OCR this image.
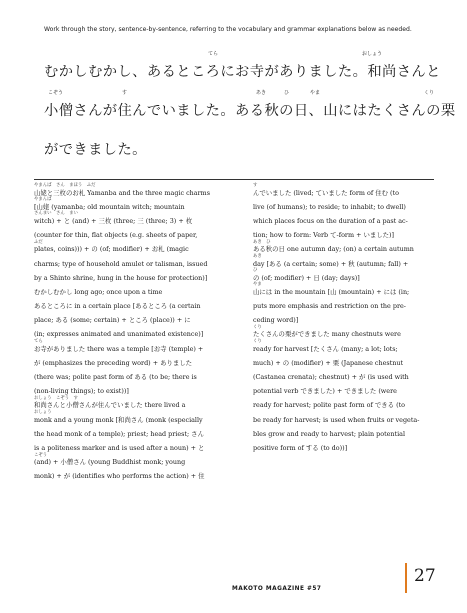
Work through the story, sentence-by-sentence, referring to the vocabulary and grammar explanations below as needed.
てら	おしょう
むかしむかし、あるところにお寺がありました。和尚さんと
こぞう	す	あき	ひ	やま	くり
小僧さんが住んでいました。ある秋の日、山にはたくさんの栗
ができました。
やまんば　さん　まほう　ふだ
山姥と三枚のお札 Yamanba and the three magic charms
やまんば
[山姥 (yamanba; old mountain witch; mountain
さんまい　さん　まい
witch) + と (and) + 三枚 (three; 三 (three; 3) + 枚
(counter for thin, flat objects (e.g. sheets of paper,
ふだ
plates, coins))) + の (of; modifier) + お札 (magic
charms; type of household amulet or talisman, issued
by a Shinto shrine, hung in the house for protection)]
むかしむかし long ago; once upon a time
あるところに in a certain place [あるところ (a certain
place; ある (some; certain) + ところ (place)) + に
(in; expresses animated and unanimated existence)]
てら
お寺がありました there was a temple [お寺 (temple) +
が (emphasizes the preceding word) + ありました
(there was; polite past form of ある (to be; there is
(non-living things); to exist))]
おしょう　こぞう　す
和尚さんと小僧さんが住んでいました there lived a
おしょう
monk and a young monk [和尚さん (monk (especially
the head monk of a temple); priest; head priest; さん
is a politeness marker and is used after a noun) + と
こぞう
(and) + 小僧さん (young Buddhist monk; young
monk) + が (identifies who performs the action) + 住
す
んでいました (lived; ていました form of 住む (to
live (of humans); to reside; to inhabit; to dwell)
which places focus on the duration of a past ac-
tion; how to form: Verb て-form + いました)]
あき　ひ
ある秋の日 one autumn day; (on) a certain autumn
あき
day [ある (a certain; some) + 秋 (autumn; fall) +
ひ
の (of; modifier) + 日 (day; days)]
やま
山には in the mountain [山 (mountain) + には (in;
puts more emphasis and restriction on the pre-
ceding word)]
くり
たくさんの栗ができました many chestnuts were
くり
ready for harvest [たくさん (many; a lot; lots;
much) + の (modifier) + 栗 (Japanese chestnut
(Castanea crenata); chestnut) + が (is used with
potential verb できました) + できました (were
ready for harvest; polite past form of できる (to
be ready for harvest; is used when fruits or vegeta-
bles grow and ready to harvest; plain potential
positive form of する (to do))]
MAKOTO MAGAZINE #57
27
